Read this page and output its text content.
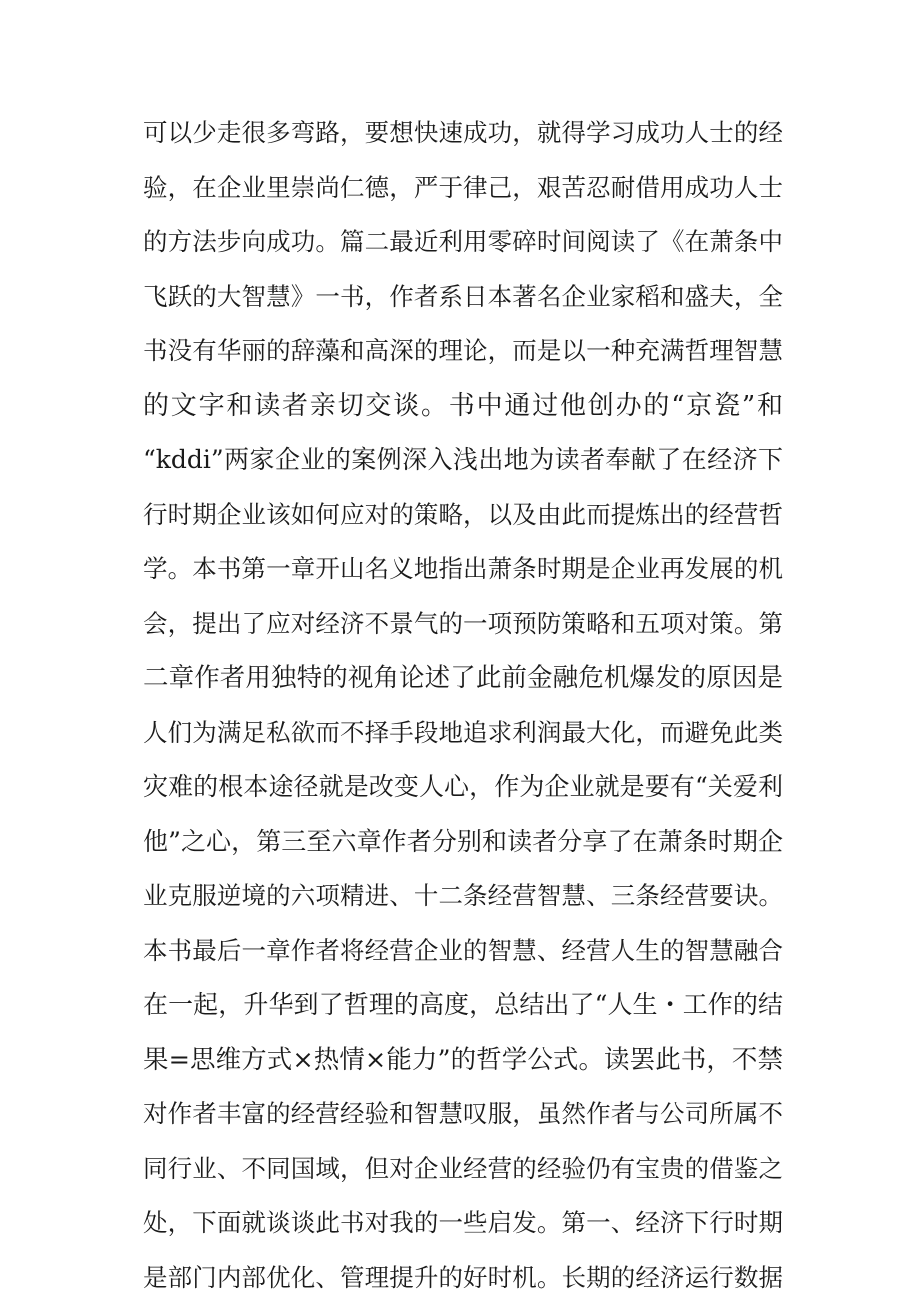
可以少走很多弯路，要想快速成功，就得学习成功人士的经
验，在企业里崇尚仁德，严于律己，艰苦忍耐借用成功人士
的方法步向成功。篇二最近利用零碎时间阅读了《在萧条中
飞跃的大智慧》一书，作者系日本著名企业家稻和盛夫，全
书没有华丽的辞藻和高深的理论，而是以一种充满哲理智慧
的文字和读者亲切交谈。书中通过他创办的“京瓷”和
“kddi”两家企业的案例深入浅出地为读者奉献了在经济下
行时期企业该如何应对的策略，以及由此而提炼出的经营哲
学。本书第一章开山名义地指出萧条时期是企业再发展的机
会，提出了应对经济不景气的一项预防策略和五项对策。第
二章作者用独特的视角论述了此前金融危机爆发的原因是
人们为满足私欲而不择手段地追求利润最大化，而避免此类
灾难的根本途径就是改变人心，作为企业就是要有“关爱利
他”之心，第三至六章作者分别和读者分享了在萧条时期企
业克服逆境的六项精进、十二条经营智慧、三条经营要诀。
本书最后一章作者将经营企业的智慧、经营人生的智慧融合
在一起，升华到了哲理的高度，总结出了“人生・工作的结
果=思维方式×热情×能力”的哲学公式。读罢此书，不禁
对作者丰富的经营经验和智慧叹服，虽然作者与公司所属不
同行业、不同国域，但对企业经营的经验仍有宝贵的借鉴之
处，下面就谈谈此书对我的一些启发。第一、经济下行时期
是部门内部优化、管理提升的好时机。长期的经济运行数据
